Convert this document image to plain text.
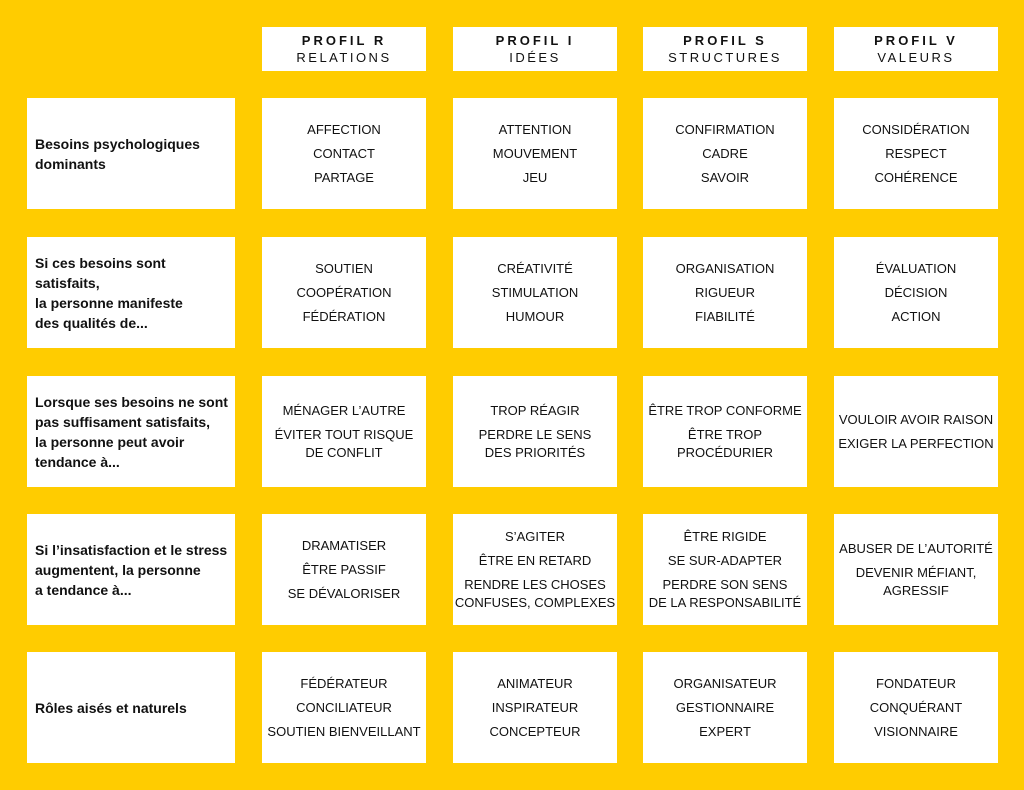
PROFIL R
RELATIONS
PROFIL I
IDÉES
PROFIL S
STRUCTURES
PROFIL V
VALEURS
Besoins psychologiques
dominants
AFFECTION
CONTACT
PARTAGE
ATTENTION
MOUVEMENT
JEU
CONFIRMATION
CADRE
SAVOIR
CONSIDÉRATION
RESPECT
COHÉRENCE
Si ces besoins sont satisfaits,
la personne manifeste
des qualités de...
SOUTIEN
COOPÉRATION
FÉDÉRATION
CRÉATIVITÉ
STIMULATION
HUMOUR
ORGANISATION
RIGUEUR
FIABILITÉ
ÉVALUATION
DÉCISION
ACTION
Lorsque ses besoins ne sont
pas suffisament satisfaits,
la personne peut avoir
tendance à...
MÉNAGER L’AUTRE
ÉVITER TOUT RISQUE
DE CONFLIT
TROP RÉAGIR
PERDRE LE SENS
DES PRIORITÉS
ÊTRE TROP CONFORME
ÊTRE TROP
PROCÉDURIER
VOULOIR AVOIR RAISON
EXIGER LA PERFECTION
Si l’insatisfaction et le stress
augmentent, la personne
a tendance à...
DRAMATISER
ÊTRE PASSIF
SE DÉVALORISER
S’AGITER
ÊTRE EN RETARD
RENDRE LES CHOSES
CONFUSES, COMPLEXES
ÊTRE RIGIDE
SE SUR-ADAPTER
PERDRE SON SENS
DE LA RESPONSABILITÉ
ABUSER DE L’AUTORITÉ
DEVENIR MÉFIANT,
AGRESSIF
Rôles aisés et naturels
FÉDÉRATEUR
CONCILIATEUR
SOUTIEN BIENVEILLANT
ANIMATEUR
INSPIRATEUR
CONCEPTEUR
ORGANISATEUR
GESTIONNAIRE
EXPERT
FONDATEUR
CONQUÉRANT
VISIONNAIRE
